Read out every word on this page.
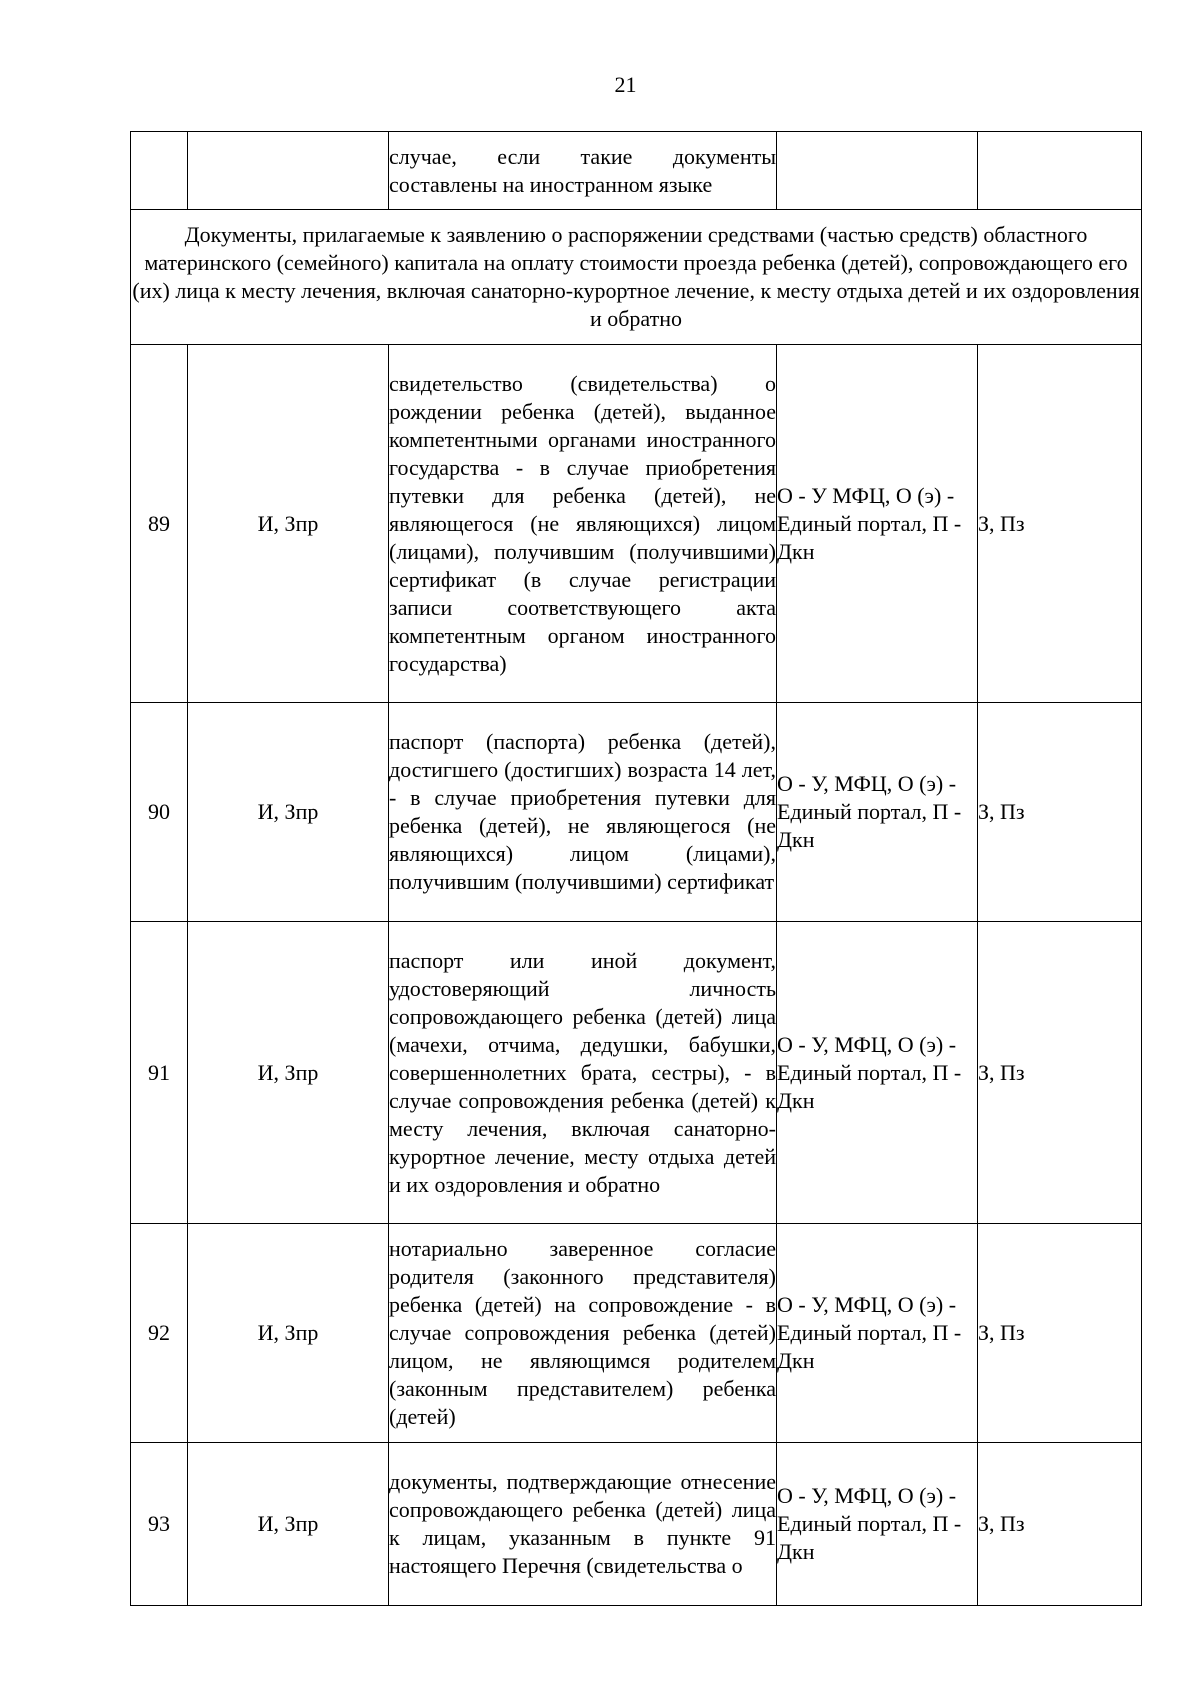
21
		случае, если такие документы составлены на иностранном языке		
Документы, прилагаемые к заявлению о распоряжении средствами (частью средств) областного материнского (семейного) капитала на оплату стоимости проезда ребенка (детей), сопровождающего его (их) лица к месту лечения, включая санаторно-курортное лечение, к месту отдыха детей и их оздоровления и обратно				
89	И, Зпр	свидетельство (свидетельства) о рождении ребенка (детей), выданное компетентными органами иностранного государства - в случае приобретения путевки для ребенка (детей), не являющегося (не являющихся) лицом (лицами), получившим (получившими) сертификат (в случае регистрации записи соответствующего акта компетентным органом иностранного государства)	О - У МФЦ, О (э) - Единый портал, П - Дкн	З, Пз
90	И, Зпр	паспорт (паспорта) ребенка (детей), достигшего (достигших) возраста 14 лет, - в случае приобретения путевки для ребенка (детей), не являющегося (не являющихся) лицом (лицами), получившим (получившими) сертификат	О - У, МФЦ, О (э) - Единый портал, П - Дкн	З, Пз
91	И, Зпр	паспорт или иной документ, удостоверяющий личность сопровождающего ребенка (детей) лица (мачехи, отчима, дедушки, бабушки, совершеннолетних брата, сестры), - в случае сопровождения ребенка (детей) к месту лечения, включая санаторно-курортное лечение, месту отдыха детей и их оздоровления и обратно	О - У, МФЦ, О (э) - Единый портал, П - Дкн	З, Пз
92	И, Зпр	нотариально заверенное согласие родителя (законного представителя) ребенка (детей) на сопровождение - в случае сопровождения ребенка (детей) лицом, не являющимся родителем (законным представителем) ребенка (детей)	О - У, МФЦ, О (э) - Единый портал, П - Дкн	З, Пз
93	И, Зпр	документы, подтверждающие отнесение сопровождающего ребенка (детей) лица к лицам, указанным в пункте 91 настоящего Перечня (свидетельства о	О - У, МФЦ, О (э) - Единый портал, П - Дкн	З, Пз
